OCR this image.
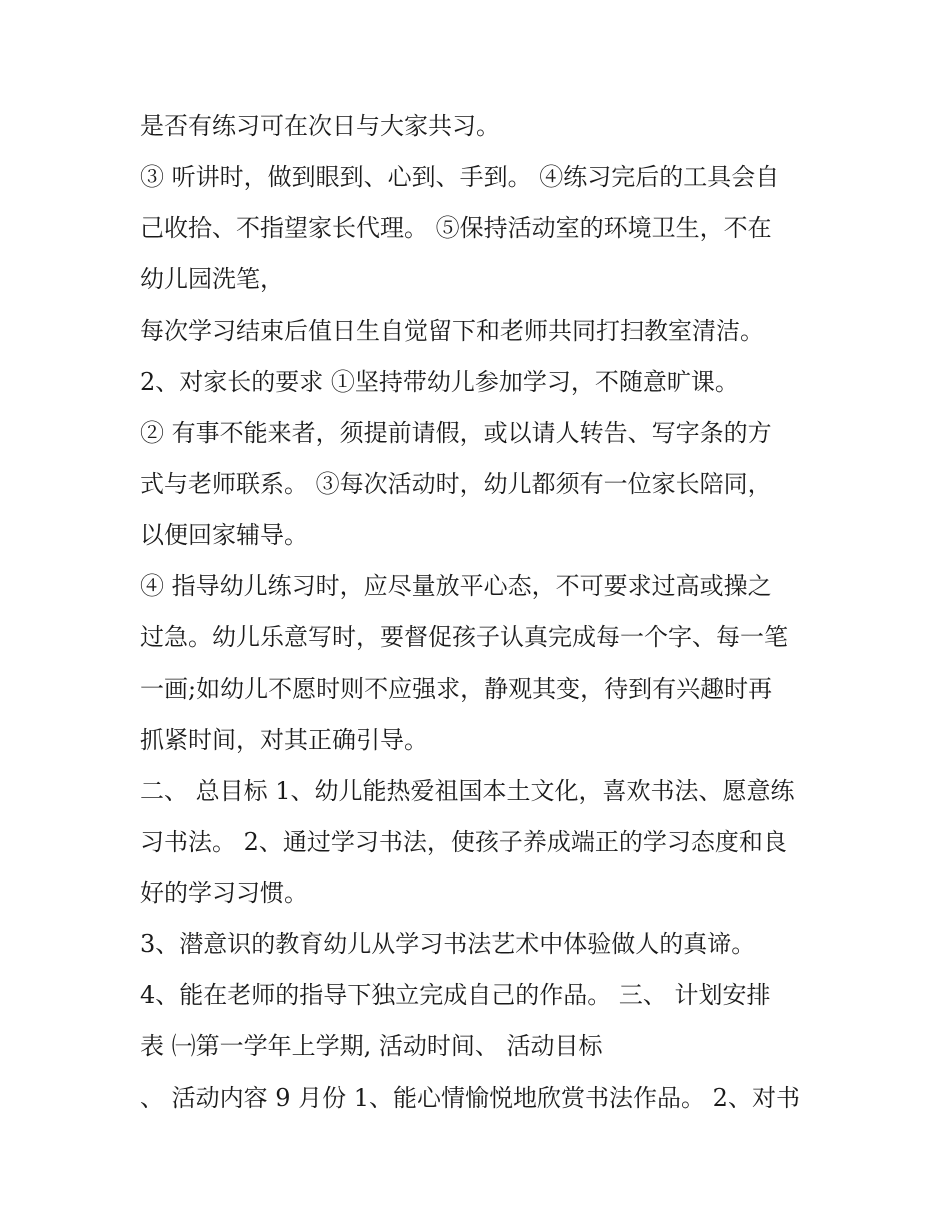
是否有练习可在次日与大家共习。
③ 听讲时，做到眼到、心到、手到。 ④练习完后的工具会自
己收拾、不指望家长代理。 ⑤保持活动室的环境卫生，不在
幼儿园洗笔，
每次学习结束后值日生自觉留下和老师共同打扫教室清洁。
2、对家长的要求 ①坚持带幼儿参加学习，不随意旷课。
② 有事不能来者，须提前请假，或以请人转告、写字条的方
式与老师联系。 ③每次活动时，幼儿都须有一位家长陪同，
以便回家辅导。
④ 指导幼儿练习时，应尽量放平心态，不可要求过高或操之
过急。幼儿乐意写时，要督促孩子认真完成每一个字、每一笔
一画;如幼儿不愿时则不应强求，静观其变，待到有兴趣时再
抓紧时间，对其正确引导。
二、 总目标 1、幼儿能热爱祖国本土文化，喜欢书法、愿意练
习书法。 2、通过学习书法，使孩子养成端正的学习态度和良
好的学习习惯。
3、潜意识的教育幼儿从学习书法艺术中体验做人的真谛。
4、能在老师的指导下独立完成自己的作品。 三、 计划安排
表 ㈠第一学年上学期, 活动时间、 活动目标
、 活动内容 9 月份 1、能心情愉悦地欣赏书法作品。 2、对书
